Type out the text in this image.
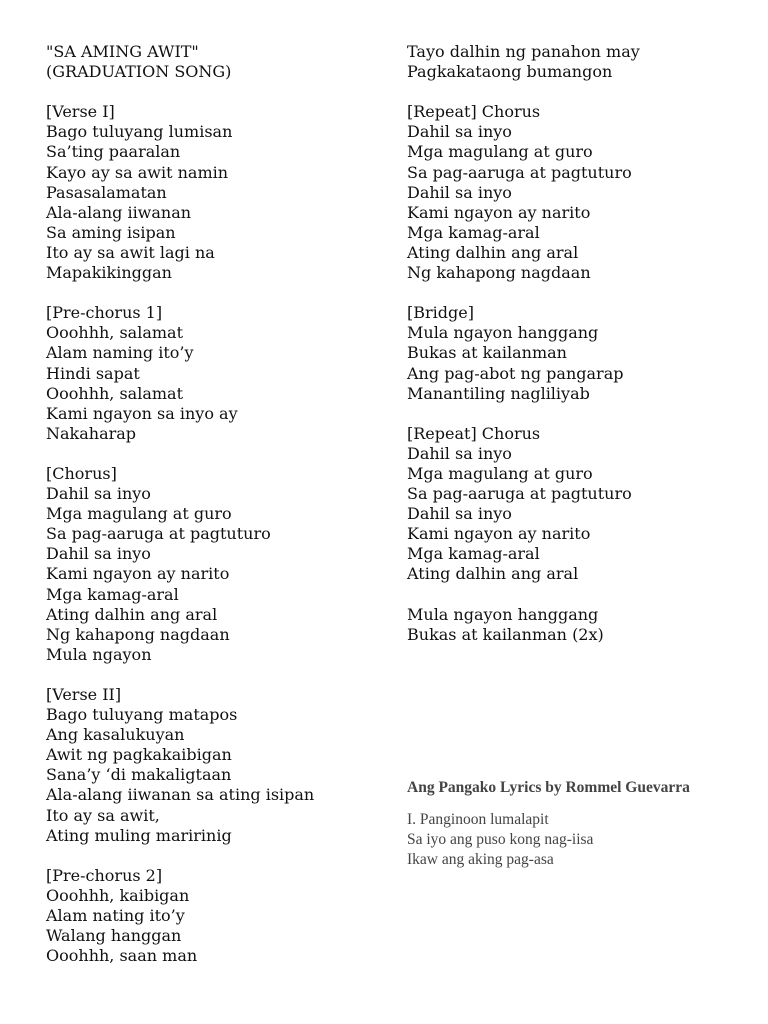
"SA AMING AWIT"
(GRADUATION SONG)
[Verse I]
Bago tuluyang lumisan
Sa’ting paaralan
Kayo ay sa awit namin
Pasasalamatan
Ala-alang iiwanan
Sa aming isipan
Ito ay sa awit lagi na
Mapakikinggan
[Pre-chorus 1]
Ooohhh, salamat
Alam naming ito’y
Hindi sapat
Ooohhh, salamat
Kami ngayon sa inyo ay
Nakaharap
[Chorus]
Dahil sa inyo
Mga magulang at guro
Sa pag-aaruga at pagtuturo
Dahil sa inyo
Kami ngayon ay narito
Mga kamag-aral
Ating dalhin ang aral
Ng kahapong nagdaan
Mula ngayon
[Verse II]
Bago tuluyang matapos
Ang kasalukuyan
Awit ng pagkakaibigan
Sana’y ‘di makaligtaan
Ala-alang iiwanan sa ating isipan
Ito ay sa awit,
Ating muling maririnig
[Pre-chorus 2]
Ooohhh, kaibigan
Alam nating ito’y
Walang hanggan
Ooohhh, saan man
Tayo dalhin ng panahon may
Pagkakataong bumangon
[Repeat] Chorus
Dahil sa inyo
Mga magulang at guro
Sa pag-aaruga at pagtuturo
Dahil sa inyo
Kami ngayon ay narito
Mga kamag-aral
Ating dalhin ang aral
Ng kahapong nagdaan
[Bridge]
Mula ngayon hanggang
Bukas at kailanman
Ang pag-abot ng pangarap
Manantiling nagliliyab
[Repeat] Chorus
Dahil sa inyo
Mga magulang at guro
Sa pag-aaruga at pagtuturo
Dahil sa inyo
Kami ngayon ay narito
Mga kamag-aral
Ating dalhin ang aral
Mula ngayon hanggang
Bukas at kailanman (2x)
Ang Pangako Lyrics by Rommel Guevarra
I. Panginoon lumalapit
Sa iyo ang puso kong nag-iisa
Ikaw ang aking pag-asa
